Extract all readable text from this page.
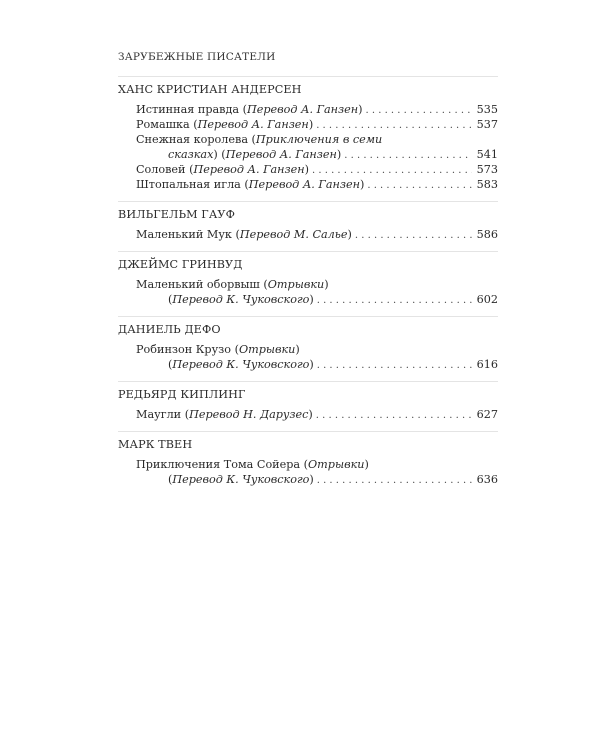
ЗАРУБЕЖНЫЕ ПИСАТЕЛИ
ХАНС КРИСТИАН АНДЕРСЕН
Истинная правда (Перевод А. Ганзен) . . .	535
Ромашка (Перевод А. Ганзен) . . .	537
Снежная королева (Приключения в семи
сказках) (Перевод А. Ганзен) . . .	541
Соловей (Перевод А. Ганзен) . . .	573
Штопальная игла (Перевод А. Ганзен) . . .	583
ВИЛЬГЕЛЬМ ГАУФ
Маленький Мук (Перевод М. Салье) . . .	586
ДЖЕЙМС ГРИНВУД
Маленький оборвыш (Отрывки)
(Перевод К. Чуковского) . . .	602
ДАНИЕЛЬ ДЕФО
Робинзон Крузо (Отрывки)
(Перевод К. Чуковского) . . .	616
РЕДЬЯРД КИПЛИНГ
Маугли (Перевод Н. Дарузес) . . .	627
МАРК ТВЕН
Приключения Тома Сойера (Отрывки)
(Перевод К. Чуковского) . . .	636
